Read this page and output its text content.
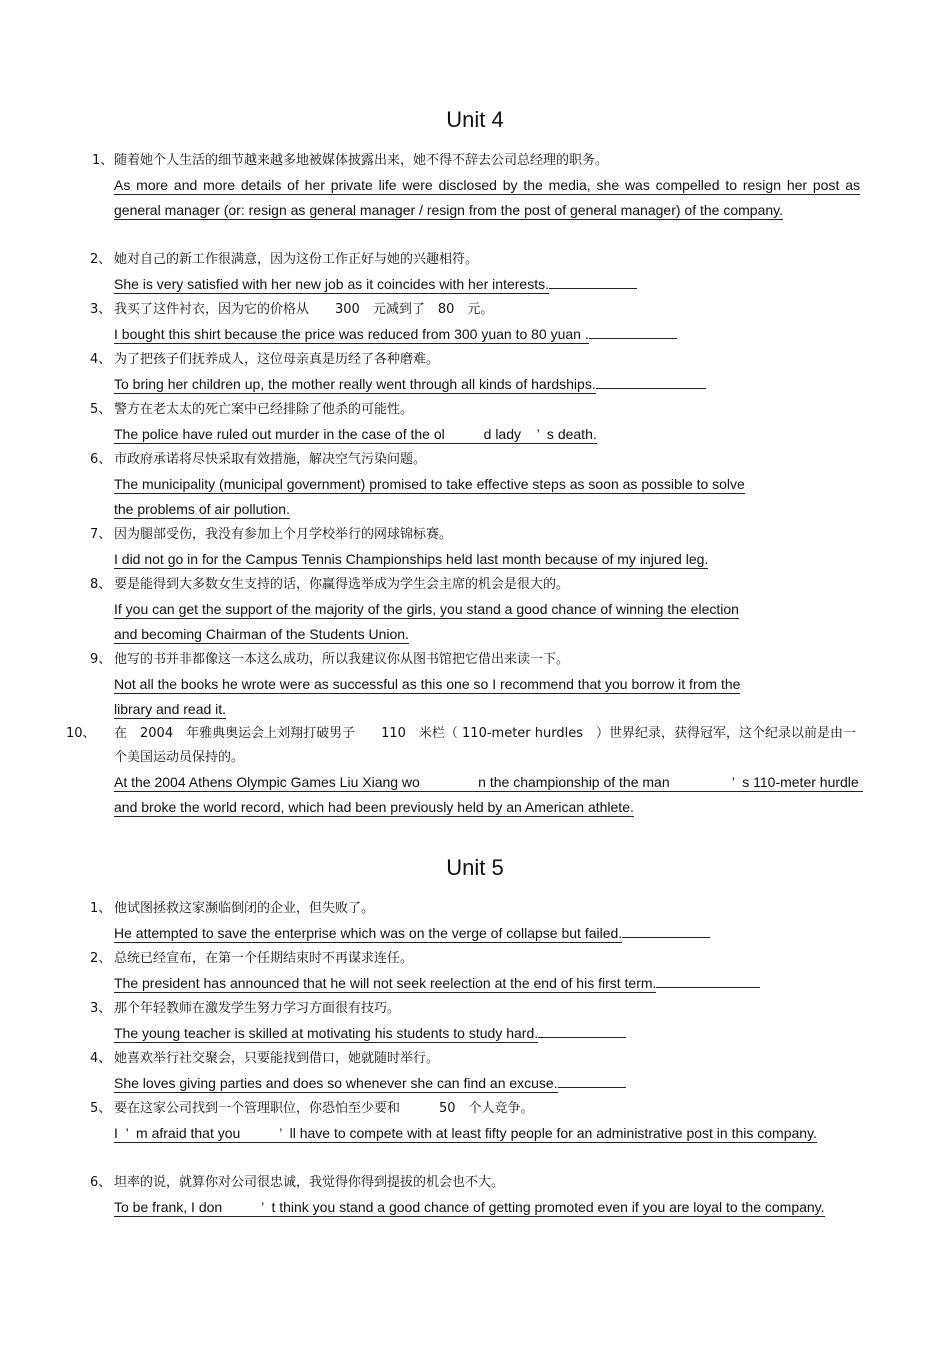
Unit 4
1、随着她个人生活的细节越来越多地被媒体披露出来，她不得不辞去公司总经理的职务。
As more and more details of her private life were disclosed by the media, she was compelled to resign her post as general manager (or: resign as general manager / resign from the post of general manager) of the company.
2、 她对自己的新工作很满意，因为这份工作正好与她的兴趣相符。
She is very satisfied with her new job as it coincides with her interests.
3、 我买了这件衬衣，因为它的价格从　　300　元减到了　80　元。
I bought this shirt because the price was reduced from 300 yuan to 80 yuan .
4、 为了把孩子们抚养成人，这位母亲真是历经了各种磨难。
To bring her children up, the mother really went through all kinds of hardships.
5、 警方在老太太的死亡案中已经排除了他杀的可能性。
The police have ruled out murder in the case of the ol          d lady    ’  s death.
6、 市政府承诺将尽快采取有效措施，解决空气污染问题。
The municipality (municipal government) promised to take effective steps as soon as possible to solve the problems of air pollution.
7、 因为腿部受伤，我没有参加上个月学校举行的网球锦标赛。
I did not go in for the Campus Tennis Championships held last month because of my injured leg.
8、 要是能得到大多数女生支持的话，你赢得选举成为学生会主席的机会是很大的。
If you can get the support of the majority of the girls, you stand a good chance of winning the election and becoming Chairman of the Students Union.
9、 他写的书并非都像这一本这么成功，所以我建议你从图书馆把它借出来读一下。
Not all the books he wrote were as successful as this one so I recommend that you borrow it from the library and read it.
10、 在　2004　年雅典奥运会上刘翔打破男子　　110　米栏（ 110-meter hurdles　）世界纪录，获得冠军，这个纪录以前是由一个美国运动员保持的。
At the 2004 Athens Olympic Games Liu Xiang wo               n the championship of the man                ’  s 110-meter hurdle and broke the world record, which had been previously held by an American athlete.
Unit 5
1、 他试图拯救这家濒临倒闭的企业，但失败了。
He attempted to save the enterprise which was on the verge of collapse but failed.
2、 总统已经宣布，在第一个任期结束时不再谋求连任。
The president has announced that he will not seek reelection at the end of his first term.
3、 那个年轻教师在激发学生努力学习方面很有技巧。
The young teacher is skilled at motivating his students to study hard.
4、 她喜欢举行社交聚会，只要能找到借口，她就随时举行。
She loves giving parties and does so whenever she can find an excuse.
5、 要在这家公司找到一个管理职位，你恐怕至少要和　　　50　个人竞争。
I  ’  m afraid that you          ’  ll have to compete with at least fifty people for an administrative post in this company.
6、 坦率的说，就算你对公司很忠诚，我觉得你得到提拔的机会也不大。
To be frank, I don          ’  t think you stand a good chance of getting promoted even if you are loyal to the company.
